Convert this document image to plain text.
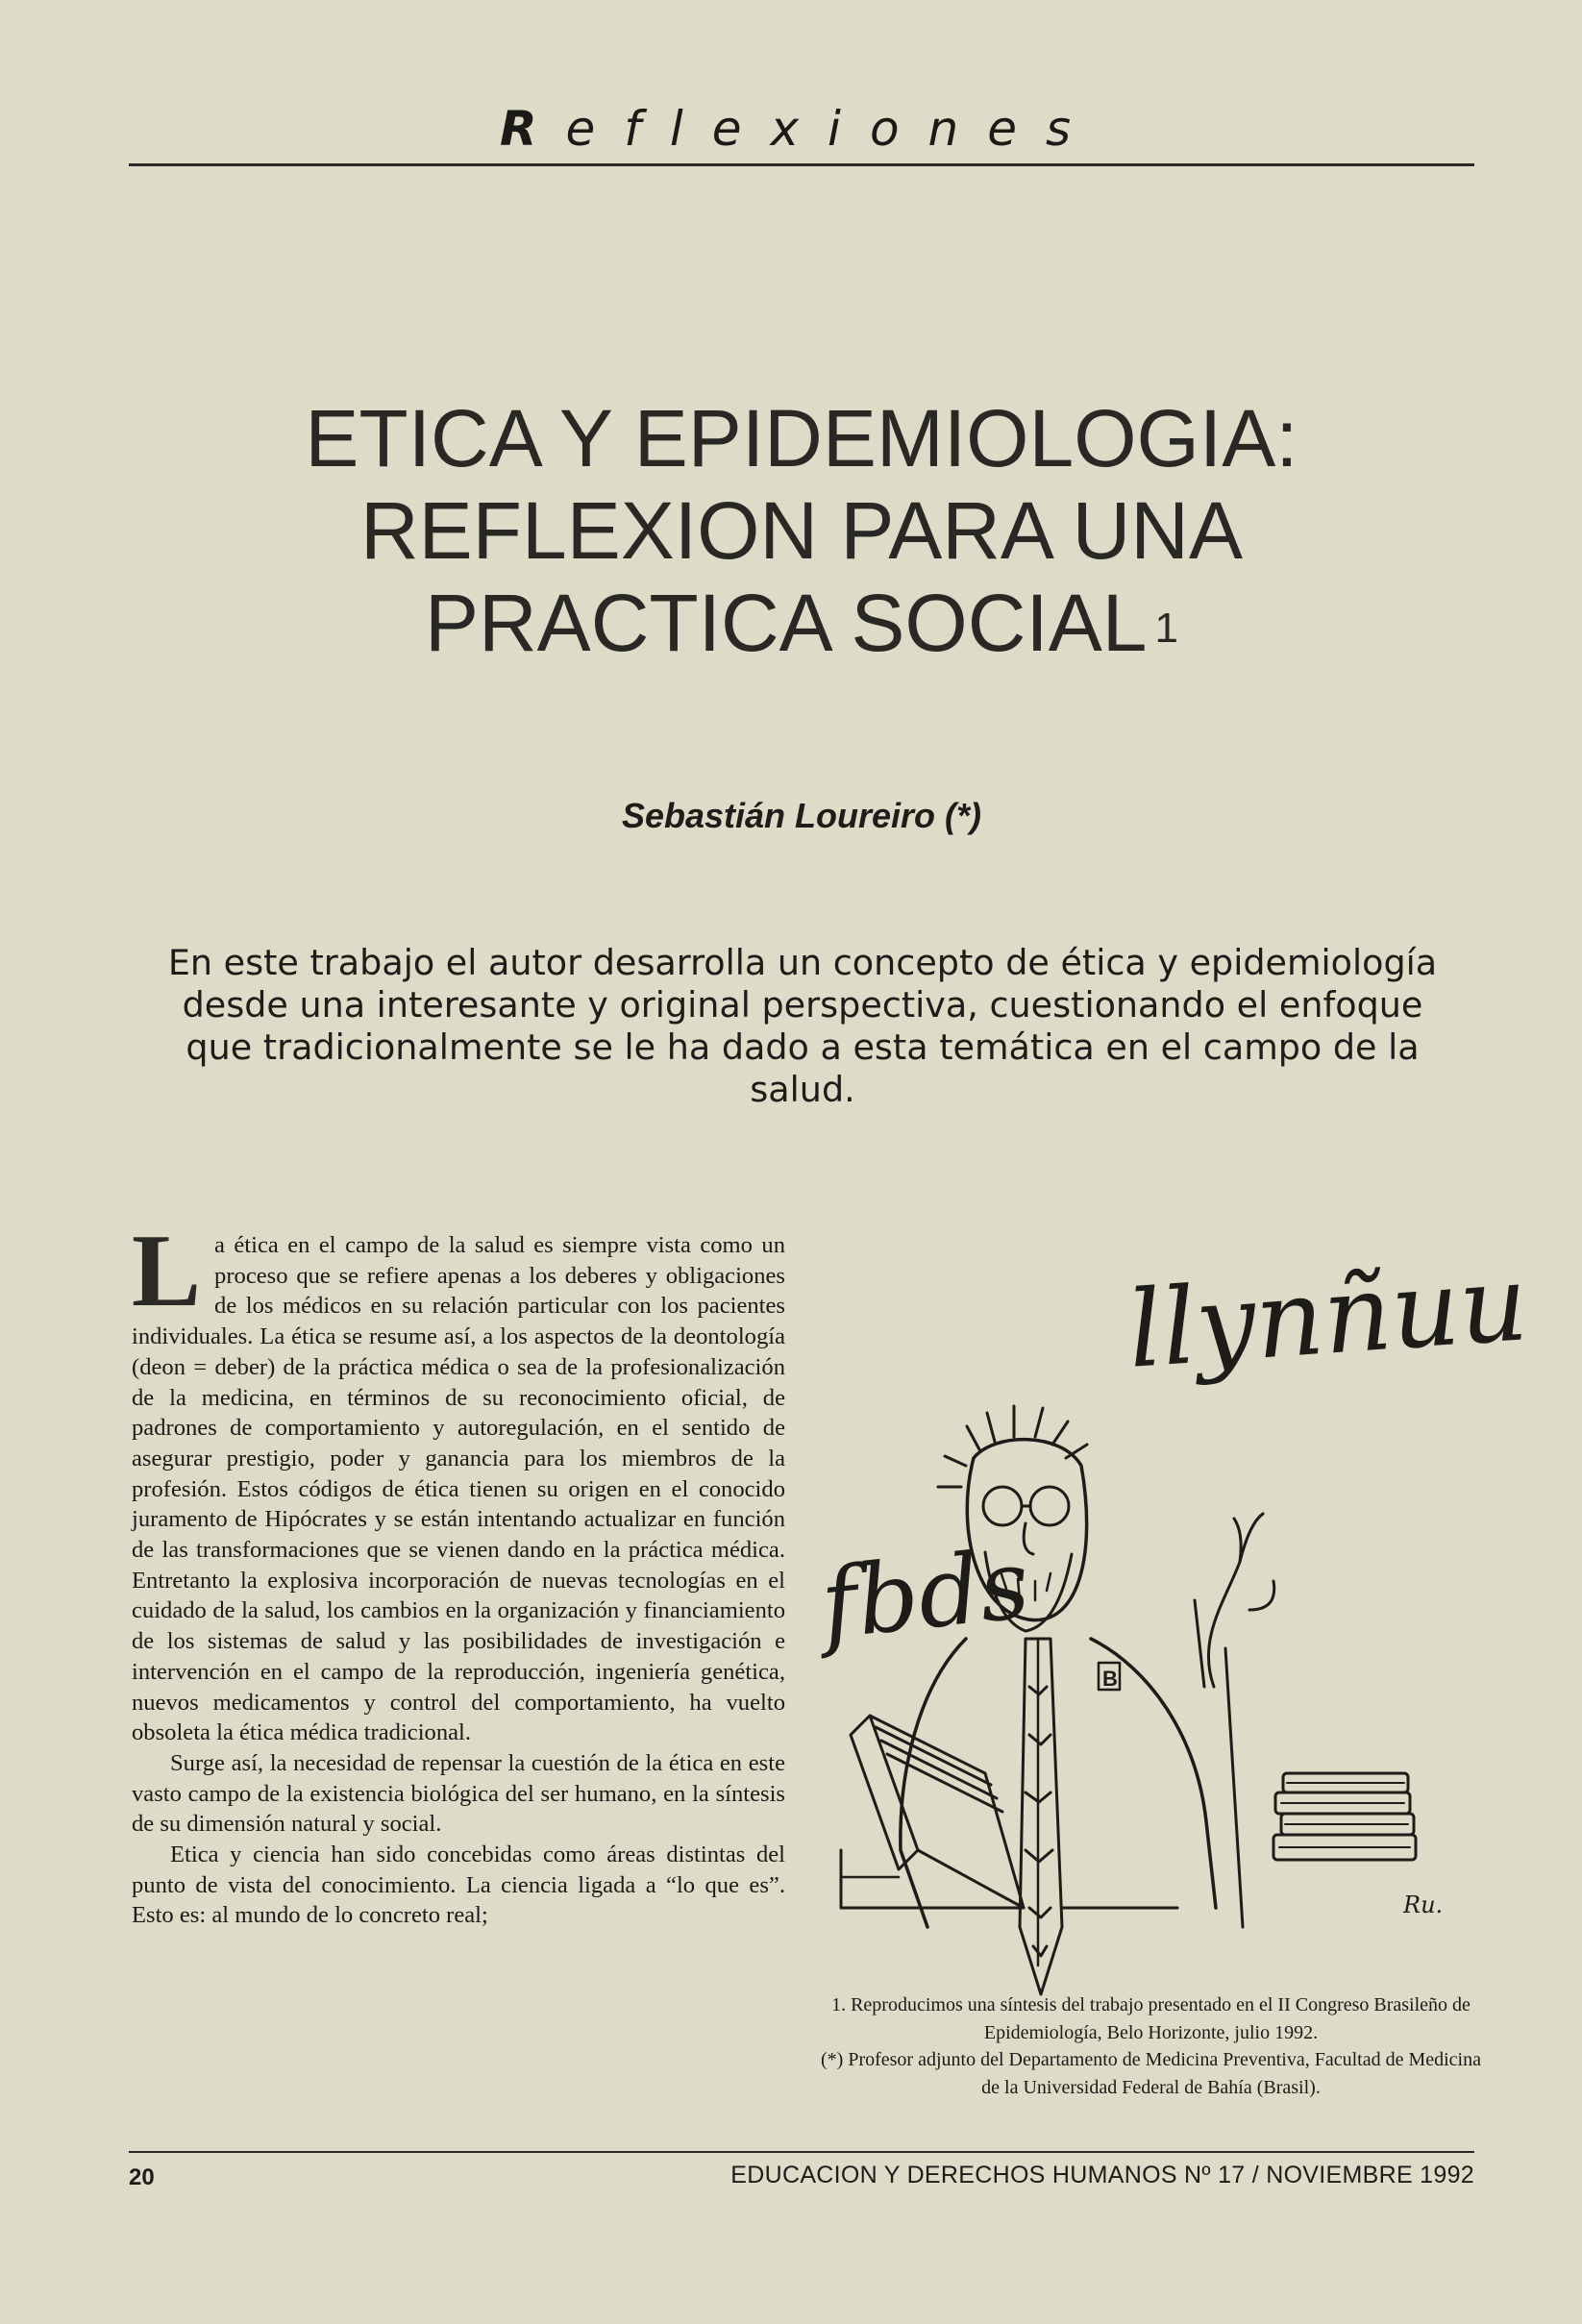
Reflexiones
ETICA Y EPIDEMIOLOGIA:
REFLEXION PARA UNA
PRACTICA SOCIAL $^1$
Sebastián Loureiro (*)
En este trabajo el autor desarrolla un concepto de ética y epidemiología desde una interesante y original perspectiva, cuestionando el enfoque que tradicionalmente se le ha dado a esta temática en el campo de la salud.

La ética en el campo de la salud es siempre vista como un proceso que se refiere apenas a los deberes y obligaciones de los médicos en su relación particular con los pacientes individuales. La ética se resume así, a los aspectos de la deontología (deon = deber) de la práctica médica o sea de la profesionalización de la medicina, en términos de su reconocimiento oficial, de padrones de comportamiento y autoregulación, en el sentido de asegurar prestigio, poder y ganancia para los miembros de la profesión. Estos códigos de ética tienen su origen en el conocido juramento de Hipócrates y se están intentando actualizar en función de las transformaciones que se vienen dando en la práctica médica. Entretanto la explosiva incorporación de nuevas tecnologías en el cuidado de la salud, los cambios en la organización y financiamiento de los sistemas de salud y las posibilidades de investigación e intervención en el campo de la reproducción, ingeniería genética, nuevos medicamentos y control del comportamiento, ha vuelto obsoleta la ética médica tradicional.

Surge así, la necesidad de repensar la cuestión de la ética en este vasto campo de la existencia biológica del ser humano, en la síntesis de su dimensión natural y social.

Etica y ciencia han sido concebidas como áreas distintas del punto de vista del conocimiento. La ciencia ligada a “lo que es”. Esto es: al mundo de lo concreto real;

llynñuu
fbds
B
Ru.

1. Reproducimos una síntesis del trabajo presentado en el II Congreso Brasileño de Epidemiología, Belo Horizonte, julio 1992.

(*) Profesor adjunto del Departamento de Medicina Preventiva, Facultad de Medicina de la Universidad Federal de Bahía (Brasil).

20	EDUCACION Y DERECHOS HUMANOS Nº 17 / NOVIEMBRE 1992
